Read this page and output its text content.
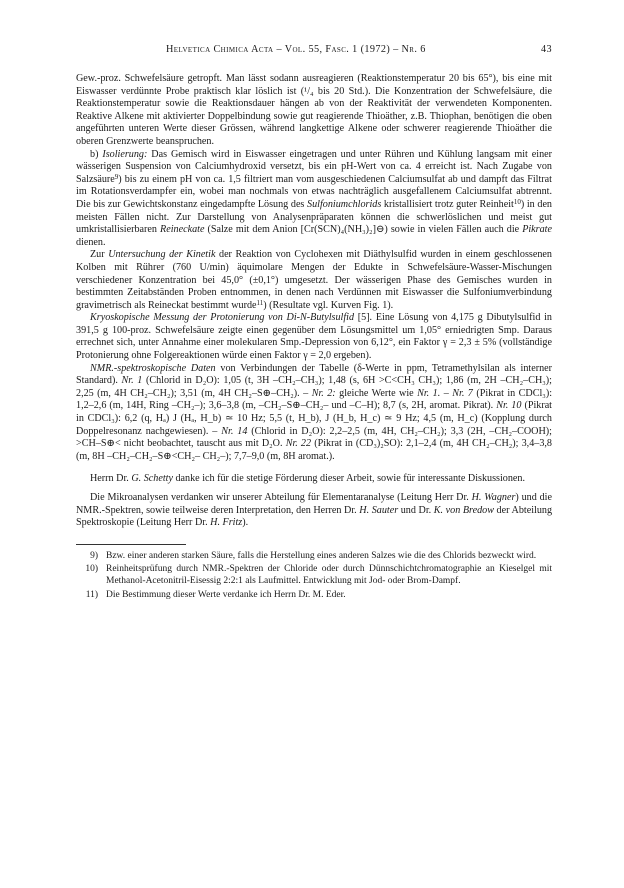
Helvetica Chimica Acta – Vol. 55, Fasc. 1 (1972) – Nr. 6	43

Gew.-proz. Schwefelsäure getropft. Man lässt sodann ausreagieren (Reaktionstemperatur 20 bis 65°), bis eine mit Eiswasser verdünnte Probe praktisch klar löslich ist (¹/₄ bis 20 Std.). Die Konzentration der Schwefelsäure, die Reaktionstemperatur sowie die Reaktionsdauer hängen ab von der Reaktivität der verwendeten Komponenten. Reaktive Alkene mit aktivierter Doppelbindung sowie gut reagierende Thioäther, z.B. Thiophan, benötigen die oben angeführten unteren Werte dieser Grössen, während langkettige Alkene oder schwerer reagierende Thioäther die oberen Grenzwerte beanspruchen.

b) Isolierung: Das Gemisch wird in Eiswasser eingetragen und unter Rühren und Kühlung langsam mit einer wässerigen Suspension von Calciumhydroxid versetzt, bis ein pH-Wert von ca. 4 erreicht ist. Nach Zugabe von Salzsäure$^9$) bis zu einem pH von ca. 1,5 filtriert man vom ausgeschiedenen Calciumsulfat ab und dampft das Filtrat im Rotationsverdampfer ein, wobei man nochmals von etwas nachträglich ausgefallenem Calciumsulfat abtrennt. Die bis zur Gewichtskonstanz eingedampfte Lösung des Sulfoniumchlorids kristallisiert trotz guter Reinheit$^{10}$) in den meisten Fällen nicht. Zur Darstellung von Analysenpräparaten können die schwerlöslichen und meist gut umkristallisierbaren Reineckate (Salze mit dem Anion [Cr(SCN)₄(NH₃)₂]⊖) sowie in vielen Fällen auch die Pikrate dienen.

Zur Untersuchung der Kinetik der Reaktion von Cyclohexen mit Diäthylsulfid wurden in einem geschlossenen Kolben mit Rührer (760 U/min) äquimolare Mengen der Edukte in Schwefelsäure-Wasser-Mischungen verschiedener Konzentration bei 45,0° (±0,1°) umgesetzt. Der wässerigen Phase des Gemisches wurden in bestimmten Zeitabständen Proben entnommen, in denen nach Verdünnen mit Eiswasser die Sulfoniumverbindung gravimetrisch als Reineckat bestimmt wurde$^{11}$) (Resultate vgl. Kurven Fig. 1).

Kryoskopische Messung der Protonierung von Di-N-Butylsulfid [5]. Eine Lösung von 4,175 g Dibutylsulfid in 391,5 g 100-proz. Schwefelsäure zeigte einen gegenüber dem Lösungsmittel um 1,05° erniedrigten Smp. Daraus errechnet sich, unter Annahme einer molekularen Smp.-Depression von 6,12°, ein Faktor γ = 2,3 ± 5% (vollständige Protonierung ohne Folgereaktionen würde einen Faktor γ = 2,0 ergeben).

NMR.-spektroskopische Daten von Verbindungen der Tabelle (δ-Werte in ppm, Tetramethylsilan als interner Standard). Nr. 1 (Chlorid in D₂O): 1,05 (t, 3H –CH₂–CH₃); 1,48 (s, 6H >C<CH₃ CH₃); 1,86 (m, 2H –CH₂–CH₃); 2,25 (m, 4H CH₂–CH₂); 3,51 (m, 4H CH₂–S⊕–CH₂). – Nr. 2: gleiche Werte wie Nr. 1. – Nr. 7 (Pikrat in CDCl₃): 1,2–2,6 (m, 14H, Ring –CH₂–); 3,6–3,8 (m, –CH₂–S⊕–CH₂– und –C–H); 8,7 (s, 2H, aromat. Pikrat). Nr. 10 (Pikrat in CDCl₃): 6,2 (q, Hₐ) J (Hₐ, H_b) ≃ 10 Hz; 5,5 (t, H_b), J (H_b, H_c) ≃ 9 Hz; 4,5 (m, H_c) (Kopplung durch Doppelresonanz nachgewiesen). – Nr. 14 (Chlorid in D₂O): 2,2–2,5 (m, 4H, CH₂–CH₂); 3,3 (2H, –CH₂–COOH); >CH–S⊕< nicht beobachtet, tauscht aus mit D₂O. Nr. 22 (Pikrat in (CD₃)₂SO): 2,1–2,4 (m, 4H CH₂–CH₂); 3,4–3,8 (m, 8H –CH₂–CH₂–S⊕<CH₂– CH₂–); 7,7–9,0 (m, 8H aromat.).

Herrn Dr. G. Schetty danke ich für die stetige Förderung dieser Arbeit, sowie für interessante Diskussionen.

Die Mikroanalysen verdanken wir unserer Abteilung für Elementaranalyse (Leitung Herr Dr. H. Wagner) und die NMR.-Spektren, sowie teilweise deren Interpretation, den Herren Dr. H. Sauter und Dr. K. von Bredow der Abteilung Spektroskopie (Leitung Herr Dr. H. Fritz).

9) Bzw. einer anderen starken Säure, falls die Herstellung eines anderen Salzes wie die des Chlorids bezweckt wird.
10) Reinheitsprüfung durch NMR.-Spektren der Chloride oder durch Dünnschichtchromatographie an Kieselgel mit Methanol-Acetonitril-Eisessig 2:2:1 als Laufmittel. Entwicklung mit Jod- oder Brom-Dampf.
11) Die Bestimmung dieser Werte verdanke ich Herrn Dr. M. Eder.
